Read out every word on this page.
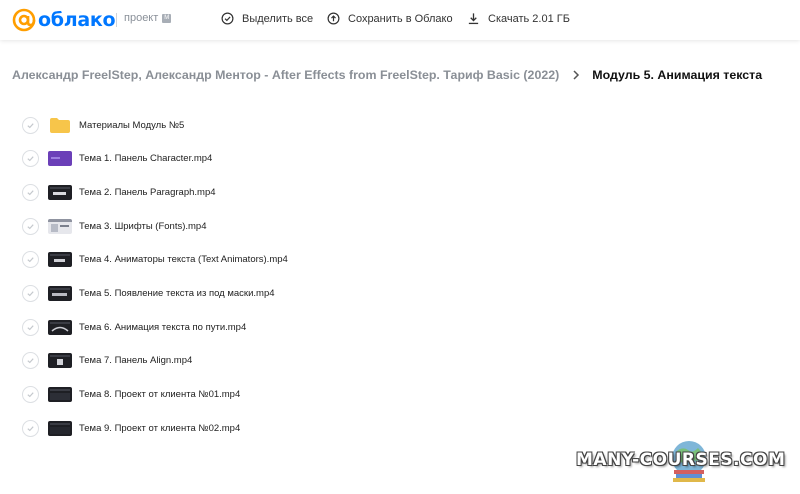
облако проект	M	Выделить все	Сохранить в Облако	Скачать 2.01 ГБ
Александр FreelStep, Александр Ментор - After Effects from FreelStep. Тариф Basic (2022)	Модуль 5. Анимация текста
Материалы Модуль №5
Тема 1. Панель Character.mp4
Тема 2. Панель Paragraph.mp4
Тема 3. Шрифты (Fonts).mp4
Тема 4. Аниматоры текста (Text Animators).mp4
Тема 5. Появление текста из под маски.mp4
Тема 6. Анимация текста по пути.mp4
Тема 7. Панель Align.mp4
Тема 8. Проект от клиента №01.mp4
Тема 9. Проект от клиента №02.mp4
MANY-COURSES.COM
